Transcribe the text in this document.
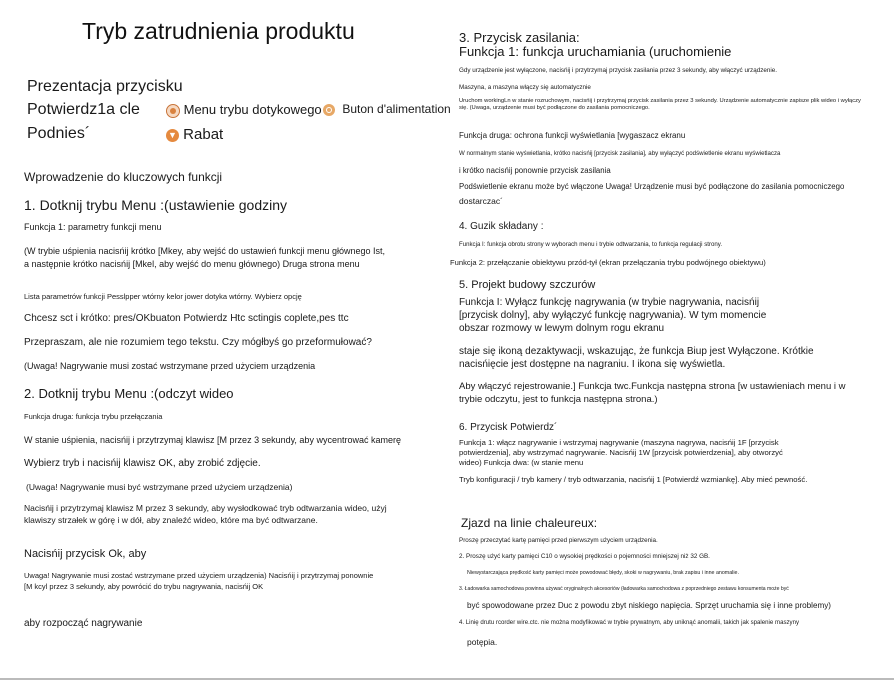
Tryb zatrudnienia produktu
Prezentacja przycisku
Potwierdz1a cle	Menu trybu dotykowego	Buton d'alimentation
Podnies´	▼ Rabat
Wprowadzenie do kluczowych funkcji
1. Dotknij trybu Menu :(ustawienie godziny
Funkcja 1: parametry funkcji menu
(W trybie uśpienia nacisńij krótko [Mkey, aby wejść do ustawień funkcji menu głównego Ist,
a następnie krótko nacisńij [Mkel, aby wejść do menu głównego) Druga strona menu
Lista parametrów funkcji Pesslpper wtórny kelor jower dotyka wtórny. Wybierz opcję
Chcesz sct i krótko: pres/OKbuaton Potwierdz Htc sctingis coplete,pes ttc
Przepraszam, ale nie rozumiem tego tekstu. Czy mógłbyś go przeformułować?
(Uwaga! Nagrywanie musi zostać wstrzymane przed użyciem urządzenia
2. Dotknij trybu Menu :(odczyt wideo
Funkcja druga: funkcja trybu przełączania
W stanie uśpienia, nacisńij i przytrzymaj klawisz [M przez 3 sekundy, aby wycentrować kamerę
Wybierz tryb i nacisńij klawisz OK, aby zrobić zdjęcie.
(Uwaga! Nagrywanie musi być wstrzymane przed użyciem urządzenia)
Nacisńij i przytrzymaj klawisz M przez 3 sekundy, aby wysłodkować tryb odtwarzania wideo, użyj
klawiszy strzałek w górę i w dół, aby znaleźć wideo, które ma być odtwarzane.
Nacisńij przycisk Ok, aby
Uwaga! Nagrywanie musi zostać wstrzymane przed użyciem urządzenia) Nacisńij i przytrzymaj ponownie
[M kcyl przez 3 sekundy, aby powrócić do trybu nagrywania, nacisńij OK
aby rozpocząć nagrywanie
3. Przycisk zasilania:
Funkcja 1: funkcja uruchamiania (uruchomienie
Gdy urządzenie jest wyłączone, nacisńij i przytrzymaj przycisk zasilania przez 3 sekundy, aby włączyć urządzenie.
Maszyna, a maszyna włączy się automatycznie
Uruchom workingLn w stanie rozruchowym, nacisńij i przytrzymaj przycisk zasilania przez 3 sekundy. Urządzenie automatycznie zapisze plik wideo i wyłączy się. (Uwaga, urządzenie musi być podłączone do zasilania pomocniczego.
Funkcja druga: ochrona funkcji wyświetlania [wygaszacz ekranu
W normalnym stanie wyświetlania, krótko nacisńij [przycisk zasilania], aby wyłączyć podświetlenie ekranu wyświetlacza
i krótko nacisńij ponownie przycisk zasilania
Podświetlenie ekranu może być włączone Uwaga! Urządzenie musi być podłączone do zasilania pomocniczego
dostarczac´
4. Guzik składany :
Funkcja I: funkcja obrotu strony w wyborach menu i trybie odtwarzania, to funkcja regulacji strony.
Funkcja 2: przełączanie obiektywu przód-tył (ekran przełączania trybu podwójnego obiektywu)
5. Projekt budowy szczurów
Funkcja I: Wyłącz funkcję nagrywania (w trybie nagrywania, nacisńij [przycisk dolny], aby wyłączyć funkcję nagrywania). W tym momencie obszar rozmowy w lewym dolnym rogu ekranu
staje się ikoną dezaktywacji, wskazując, że funkcja Biup jest Wyłączone. Krótkie nacisńięcie jest dostępne na nagraniu. I ikona się wyświetla.
Aby włączyć rejestrowanie.] Funkcja twc.Funkcja następna strona [w ustawieniach menu i w trybie odczytu, jest to funkcja następna strona.)
6. Przycisk Potwierdz´
Funkcja 1: włącz nagrywanie i wstrzymaj nagrywanie (maszyna nagrywa, nacisńij 1F [przycisk potwierdzenia], aby wstrzymać nagrywanie. Nacisńij 1W [przycisk potwierdzenia], aby otworzyć wideo) Funkcja dwa: (w stanie menu
Tryb konfiguracji / tryb kamery / tryb odtwarzania, nacisńij 1 [Potwierdź wzmiankę]. Aby mieć pewność.
Zjazd na linie chaleureux:
Proszę przeczytać kartę pamięci przed pierwszym użyciem urządzenia.
2. Proszę użyć karty pamięci C10 o wysokiej prędkości o pojemności mniejszej niż 32 GB.
Niewystarczająca prędkość karty pamięci może powodować błędy, skoki w nagrywaniu, brak zapisu i inne anomalie.
3. Ładowarka samochodowa powinna używać oryginalnych akcesoriów (ładowarka samochodowa z poprzedniego zestawu konsumenta może być
być spowodowane przez Duc z powodu zbyt niskiego napięcia. Sprzęt uruchamia się i inne problemy)
4. Linię drutu rcorder wire.ctc. nie można modyfikować w trybie prywatnym, aby uniknąć anomalii, takich jak spalenie maszyny
potępia.
